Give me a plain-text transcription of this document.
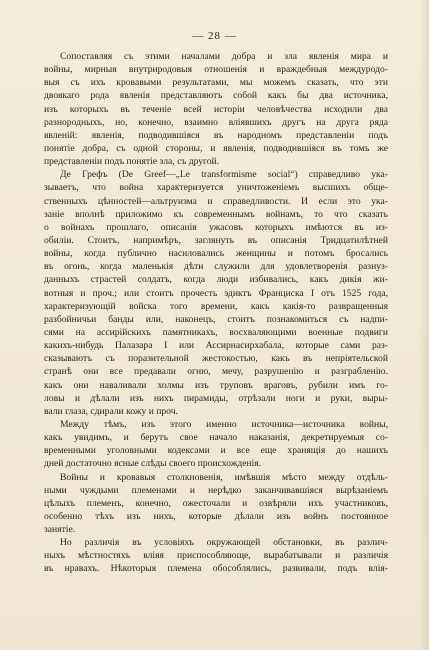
— 28 —
Сопоставляя съ этими началами добра и зла явленія мира и
войны, мирныя внутриродовыя отношенія и враждебныя междуродо-
выя съ ихъ кровавыми результатами, мы можемъ сказать, что эти
двоякаго рода явленія представляютъ собой какъ бы два источника,
изъ которыхъ въ теченіе всей исторіи человѣчества исходили два
разнородныхъ, но, конечно, взаимно вліявшихъ другъ на друга ряда
явленій: явленія, подводившіяся въ народномъ представленіи подъ
понятіе добра, съ одной стороны, и явленія, подводившіяся въ томъ же
представленіи подъ понятіе зла, съ другой.
Де Грефъ (De Greef—„Le transformisme social“) справедливо ука-
зываетъ, что война характеризуется уничтоженіемъ высшихъ обще-
ственныхъ цѣнностей—альтруизма и справедливости. И если это ука-
заніе вполнѣ приложимо къ современнымъ войнамъ, то что сказать
о войнахъ прошлаго, описанія ужасовъ которыхъ имѣются въ из-
обиліи. Стоитъ, напримѣръ, заглянуть въ описанія Тридцатилѣтней
войны, когда публично насиловались женщины и потомъ бросались
въ огонь, когда маленькія дѣти служили для удовлетворенія разнуз-
данныхъ страстей солдатъ, когда люди избивались, какъ дикія жи-
вотныя и проч.; или стоитъ прочесть эдиктъ Франциска I отъ 1525 года,
характеризующій войска того времени, какъ какія-то развращенныя
разбойничьи банды или, наконецъ, стоитъ познакомиться съ надпи-
сями на ассирійскихъ памятникахъ, восхваляющими военные подвиги
какихъ-нибудь Палазара I или Ассирнасирхабала, которые сами раз-
сказываютъ съ поразительной жестокостью, какъ въ непріятельской
странѣ они все предавали огню, мечу, разрушенію и разграбленію.
какъ они наваливали холмы изъ труповъ враговъ, рубили имъ го-
ловы и дѣлали изъ нихъ пирамиды, отрѣзали ноги и руки, выры-
вали глаза, сдирали кожу и проч.
Между тѣмъ, изъ этого именно источника—источника войны,
какъ увидимъ, и берутъ свое начало наказанія, декретируемыя со-
временными уголовными кодексами и все еще хранящія до нашихъ
дней достаточно ясные слѣды своего происхожденія.
Войны и кровавыя столкновенія, имѣвшія мѣсто между отдѣль-
ными чуждыми племенами и нерѣдко заканчивавшіяся вырѣзаніемъ
цѣлыхъ племенъ, конечно, ожесточали и озвѣряли ихъ участниковъ,
особенно тѣхъ изъ нихъ, которые дѣлали изъ войнъ постоянное
занятіе.
Но различія въ условіяхъ окружающей обстановки, въ различ-
ныхъ мѣстностяхъ вліяя приспособляюще, вырабатывали и различія
въ нравахъ. Нѣкоторыя племена обособлялись, развивали, подъ влія-
